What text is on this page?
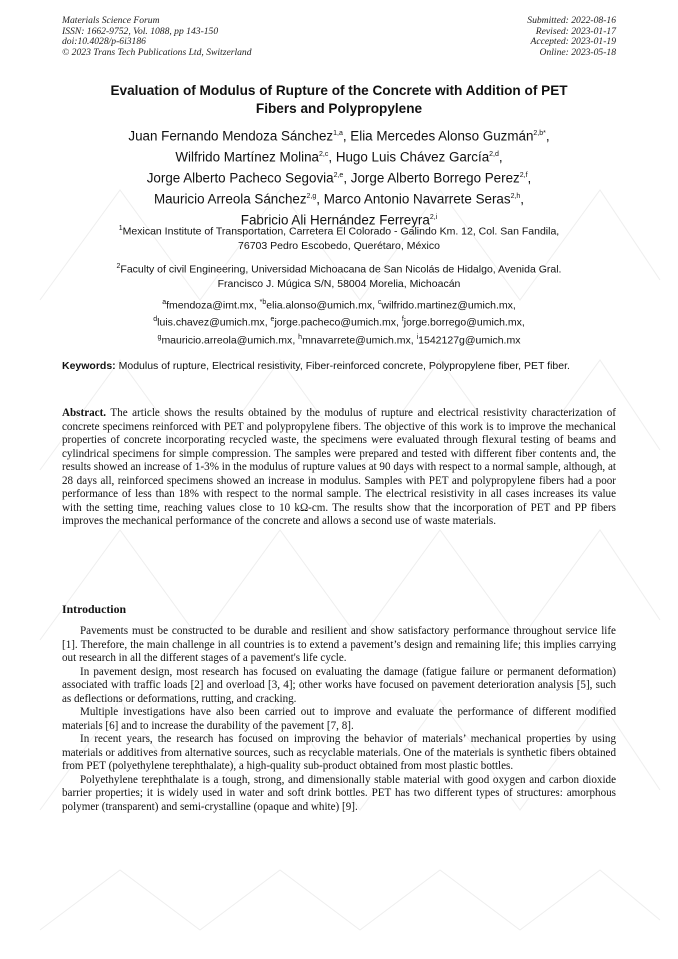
Materials Science Forum
ISSN: 1662-9752, Vol. 1088, pp 143-150
doi:10.4028/p-6i3186
© 2023 Trans Tech Publications Ltd, Switzerland
Submitted: 2022-08-16
Revised: 2023-01-17
Accepted: 2023-01-19
Online: 2023-05-18
Evaluation of Modulus of Rupture of the Concrete with Addition of PET
Fibers and Polypropylene
Juan Fernando Mendoza Sánchez$^{1,a}$, Elia Mercedes Alonso Guzmán$^{2,b*}$,
Wilfrido Martínez Molina$^{2,c}$, Hugo Luis Chávez García$^{2,d}$,
Jorge Alberto Pacheco Segovia$^{2,e}$, Jorge Alberto Borrego Perez$^{2,f}$,
Mauricio Arreola Sánchez$^{2,g}$, Marco Antonio Navarrete Seras$^{2,h}$,
Fabricio Ali Hernández Ferreyra$^{2,i}$
$^1$Mexican Institute of Transportation, Carretera El Colorado - Galindo Km. 12, Col. San Fandila,
76703 Pedro Escobedo, Querétaro, México
$^2$Faculty of civil Engineering, Universidad Michoacana de San Nicolás de Hidalgo, Avenida Gral.
Francisco J. Múgica S/N, 58004 Morelia, Michoacán
$^a$fmendoza@imt.mx, $^{*b}$elia.alonso@umich.mx, $^c$wilfrido.martinez@umich.mx,
$^d$luis.chavez@umich.mx, $^e$jorge.pacheco@umich.mx, $^f$jorge.borrego@umich.mx,
$^g$mauricio.arreola@umich.mx, $^h$mnavarrete@umich.mx, $^i$1542127g@umich.mx
Keywords: Modulus of rupture, Electrical resistivity, Fiber-reinforced concrete, Polypropylene fiber, PET fiber.
Abstract. The article shows the results obtained by the modulus of rupture and electrical resistivity characterization of concrete specimens reinforced with PET and polypropylene fibers. The objective of this work is to improve the mechanical properties of concrete incorporating recycled waste, the specimens were evaluated through flexural testing of beams and cylindrical specimens for simple compression. The samples were prepared and tested with different fiber contents and, the results showed an increase of 1-3% in the modulus of rupture values at 90 days with respect to a normal sample, although, at 28 days all, reinforced specimens showed an increase in modulus. Samples with PET and polypropylene fibers had a poor performance of less than 18% with respect to the normal sample. The electrical resistivity in all cases increases its value with the setting time, reaching values close to 10 kΩ-cm. The results show that the incorporation of PET and PP fibers improves the mechanical performance of the concrete and allows a second use of waste materials.
Introduction

Pavements must be constructed to be durable and resilient and show satisfactory performance throughout service life [1]. Therefore, the main challenge in all countries is to extend a pavement’s design and remaining life; this implies carrying out research in all the different stages of a pavement's life cycle.

In pavement design, most research has focused on evaluating the damage (fatigue failure or permanent deformation) associated with traffic loads [2] and overload [3, 4]; other works have focused on pavement deterioration analysis [5], such as deflections or deformations, rutting, and cracking.

Multiple investigations have also been carried out to improve and evaluate the performance of different modified materials [6] and to increase the durability of the pavement [7, 8].

In recent years, the research has focused on improving the behavior of materials’ mechanical properties by using materials or additives from alternative sources, such as recyclable materials. One of the materials is synthetic fibers obtained from PET (polyethylene terephthalate), a high-quality sub-product obtained from most plastic bottles.

Polyethylene terephthalate is a tough, strong, and dimensionally stable material with good oxygen and carbon dioxide barrier properties; it is widely used in water and soft drink bottles. PET has two different types of structures: amorphous polymer (transparent) and semi-crystalline (opaque and white) [9].
